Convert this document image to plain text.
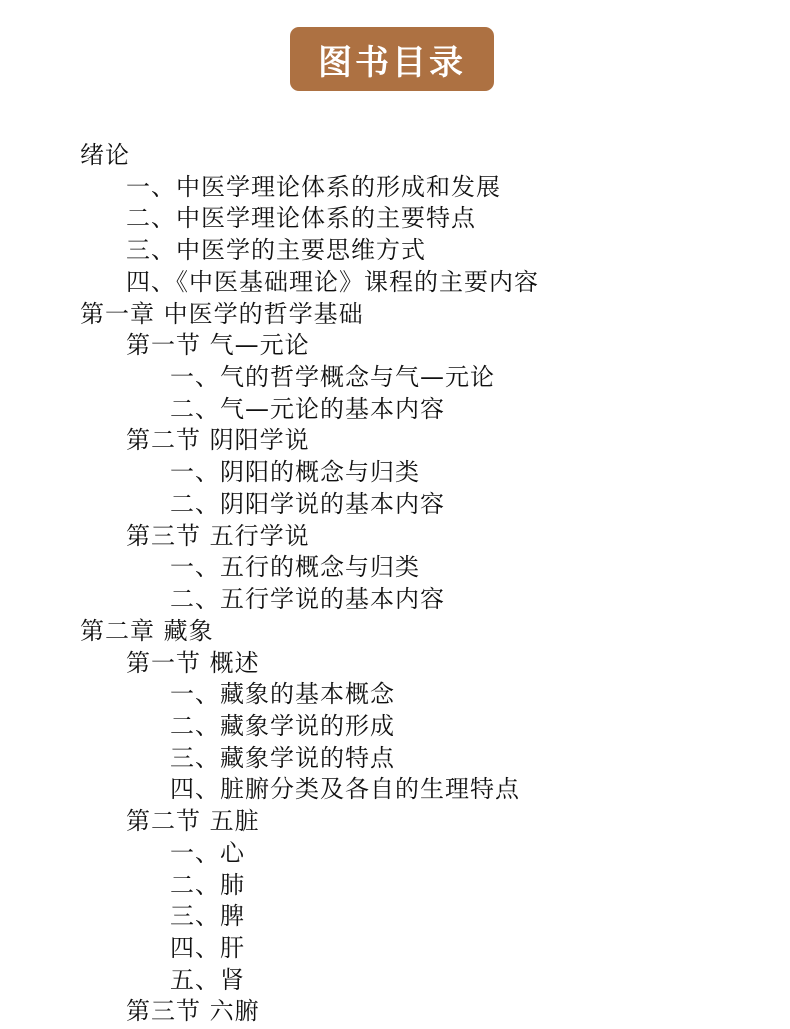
图书目录
绪论
一、中医学理论体系的形成和发展
二、中医学理论体系的主要特点
三、中医学的主要思维方式
四、《中医基础理论》课程的主要内容
第一章 中医学的哲学基础
第一节 气—元论
一、气的哲学概念与气—元论
二、气—元论的基本内容
第二节 阴阳学说
一、阴阳的概念与归类
二、阴阳学说的基本内容
第三节 五行学说
一、五行的概念与归类
二、五行学说的基本内容
第二章 藏象
第一节 概述
一、藏象的基本概念
二、藏象学说的形成
三、藏象学说的特点
四、脏腑分类及各自的生理特点
第二节 五脏
一、心
二、肺
三、脾
四、肝
五、肾
第三节 六腑
